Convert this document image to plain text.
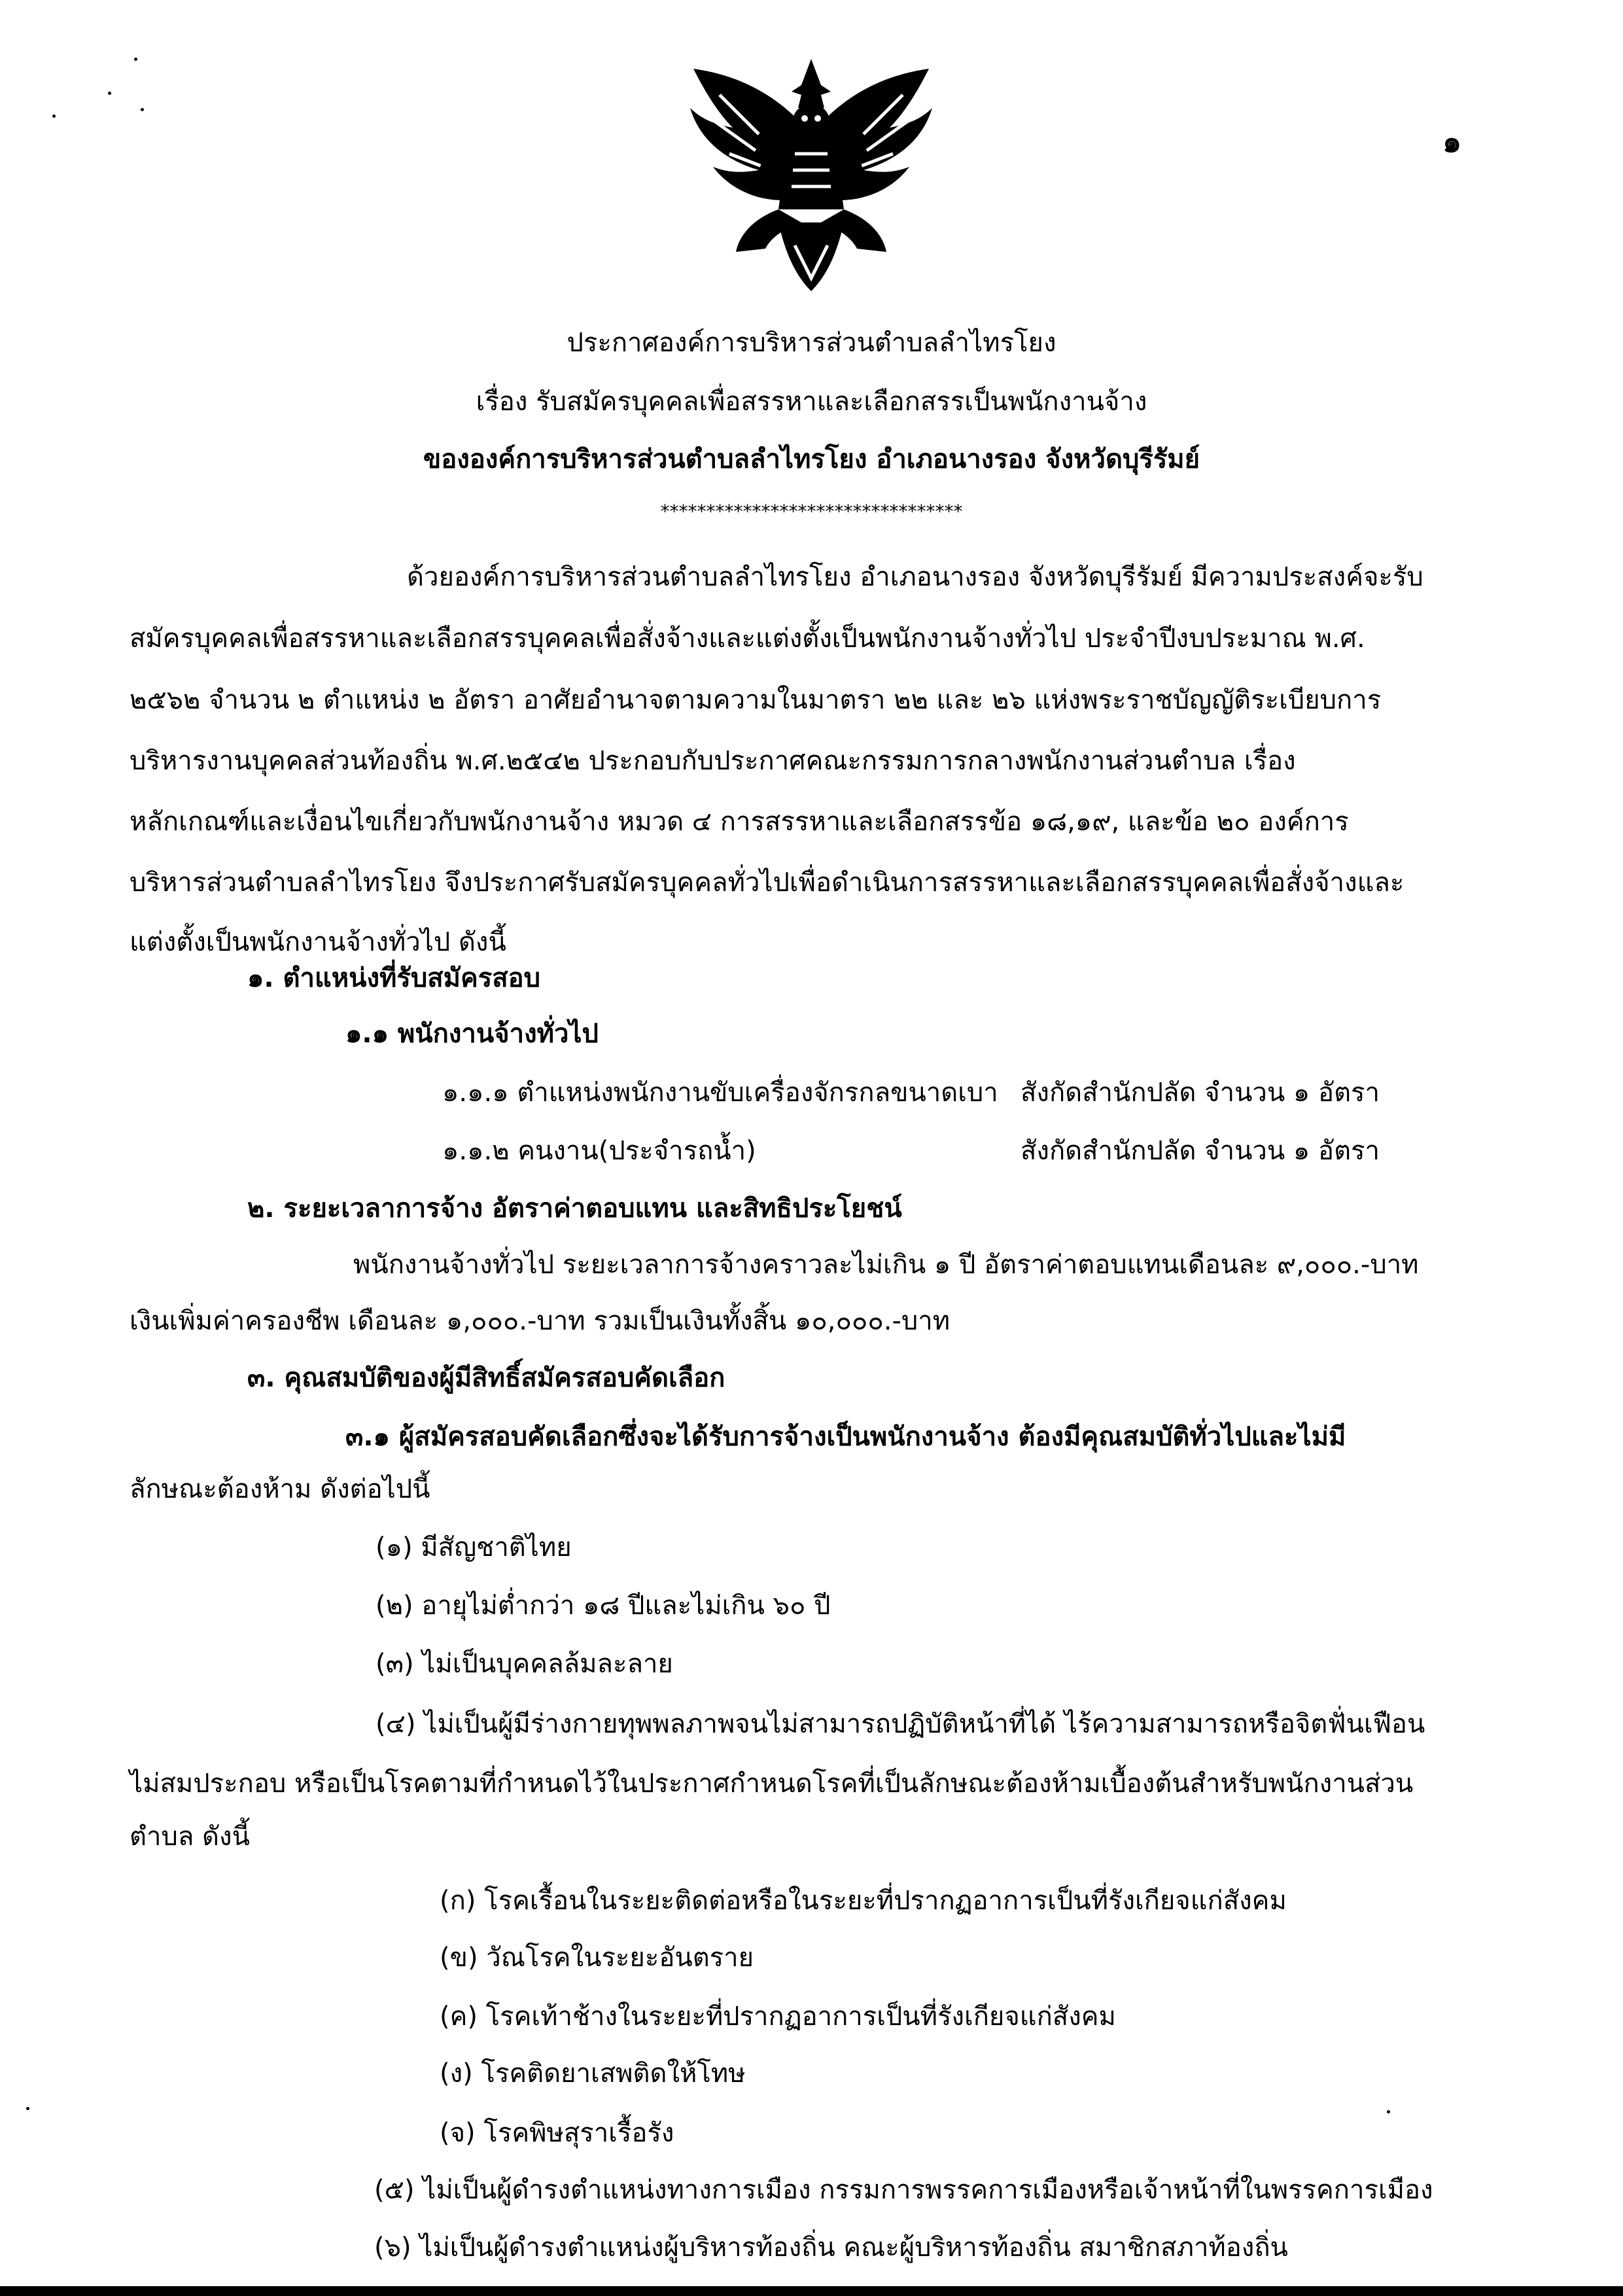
๑
ประกาศองค์การบริหารส่วนตำบลลำไทรโยง
เรื่อง รับสมัครบุคคลเพื่อสรรหาและเลือกสรรเป็นพนักงานจ้าง
ขององค์การบริหารส่วนตำบลลำไทรโยง อำเภอนางรอง จังหวัดบุรีรัมย์
*********************************
ด้วยองค์การบริหารส่วนตำบลลำไทรโยง อำเภอนางรอง จังหวัดบุรีรัมย์ มีความประสงค์จะรับ
สมัครบุคคลเพื่อสรรหาและเลือกสรรบุคคลเพื่อสั่งจ้างและแต่งตั้งเป็นพนักงานจ้างทั่วไป ประจำปีงบประมาณ พ.ศ.
๒๕๖๒ จำนวน ๒ ตำแหน่ง ๒ อัตรา อาศัยอำนาจตามความในมาตรา ๒๒ และ ๒๖ แห่งพระราชบัญญัติระเบียบการ
บริหารงานบุคคลส่วนท้องถิ่น พ.ศ.๒๕๔๒ ประกอบกับประกาศคณะกรรมการกลางพนักงานส่วนตำบล เรื่อง
หลักเกณฑ์และเงื่อนไขเกี่ยวกับพนักงานจ้าง หมวด ๔ การสรรหาและเลือกสรรข้อ ๑๘,๑๙, และข้อ ๒๐ องค์การ
บริหารส่วนตำบลลำไทรโยง จึงประกาศรับสมัครบุคคลทั่วไปเพื่อดำเนินการสรรหาและเลือกสรรบุคคลเพื่อสั่งจ้างและ
แต่งตั้งเป็นพนักงานจ้างทั่วไป ดังนี้
๑. ตำแหน่งที่รับสมัครสอบ
๑.๑ พนักงานจ้างทั่วไป
๑.๑.๑ ตำแหน่งพนักงานขับเครื่องจักรกลขนาดเบา สังกัดสำนักปลัด จำนวน ๑ อัตรา
๑.๑.๒ คนงาน(ประจำรถน้ำ)	สังกัดสำนักปลัด จำนวน ๑ อัตรา
๒. ระยะเวลาการจ้าง อัตราค่าตอบแทน และสิทธิประโยชน์
พนักงานจ้างทั่วไป ระยะเวลาการจ้างคราวละไม่เกิน ๑ ปี อัตราค่าตอบแทนเดือนละ ๙,๐๐๐.-บาท
เงินเพิ่มค่าครองชีพ เดือนละ ๑,๐๐๐.-บาท รวมเป็นเงินทั้งสิ้น ๑๐,๐๐๐.-บาท
๓. คุณสมบัติของผู้มีสิทธิ์สมัครสอบคัดเลือก
๓.๑ ผู้สมัครสอบคัดเลือกซึ่งจะได้รับการจ้างเป็นพนักงานจ้าง ต้องมีคุณสมบัติทั่วไปและไม่มี
ลักษณะต้องห้าม ดังต่อไปนี้
(๑) มีสัญชาติไทย
(๒) อายุไม่ต่ำกว่า ๑๘ ปีและไม่เกิน ๖๐ ปี
(๓) ไม่เป็นบุคคลล้มละลาย
(๔) ไม่เป็นผู้มีร่างกายทุพพลภาพจนไม่สามารถปฏิบัติหน้าที่ได้ ไร้ความสามารถหรือจิตฟั่นเฟือน
ไม่สมประกอบ หรือเป็นโรคตามที่กำหนดไว้ในประกาศกำหนดโรคที่เป็นลักษณะต้องห้ามเบื้องต้นสำหรับพนักงานส่วน
ตำบล ดังนี้
(ก) โรคเรื้อนในระยะติดต่อหรือในระยะที่ปรากฏอาการเป็นที่รังเกียจแก่สังคม
(ข) วัณโรคในระยะอันตราย
(ค) โรคเท้าช้างในระยะที่ปรากฏอาการเป็นที่รังเกียจแก่สังคม
(ง) โรคติดยาเสพติดให้โทษ
(จ) โรคพิษสุราเรื้อรัง
(๕) ไม่เป็นผู้ดำรงตำแหน่งทางการเมือง กรรมการพรรคการเมืองหรือเจ้าหน้าที่ในพรรคการเมือง
(๖) ไม่เป็นผู้ดำรงตำแหน่งผู้บริหารท้องถิ่น คณะผู้บริหารท้องถิ่น สมาชิกสภาท้องถิ่น
